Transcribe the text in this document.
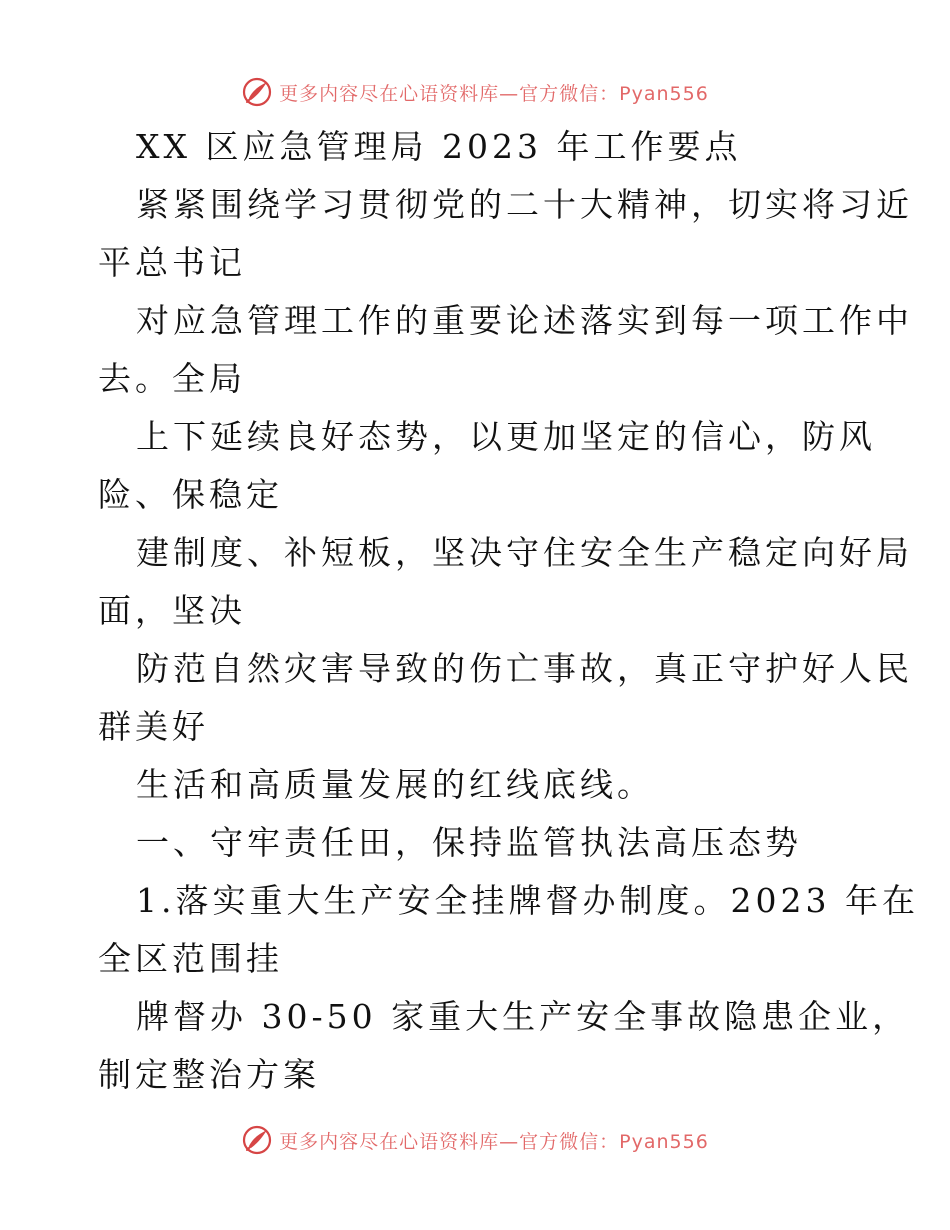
更多内容尽在心语资料库—官方微信：Pyan556
XX 区应急管理局 2023 年工作要点
紧紧围绕学习贯彻党的二十大精神，切实将习近
平总书记
对应急管理工作的重要论述落实到每一项工作中
去。全局
上下延续良好态势，以更加坚定的信心，防风
险、保稳定
建制度、补短板，坚决守住安全生产稳定向好局
面，坚决
防范自然灾害导致的伤亡事故，真正守护好人民
群美好
生活和高质量发展的红线底线。
一、守牢责任田，保持监管执法高压态势
1.落实重大生产安全挂牌督办制度。2023 年在
全区范围挂
牌督办 30-50 家重大生产安全事故隐患企业，
制定整治方案
更多内容尽在心语资料库—官方微信：Pyan556
